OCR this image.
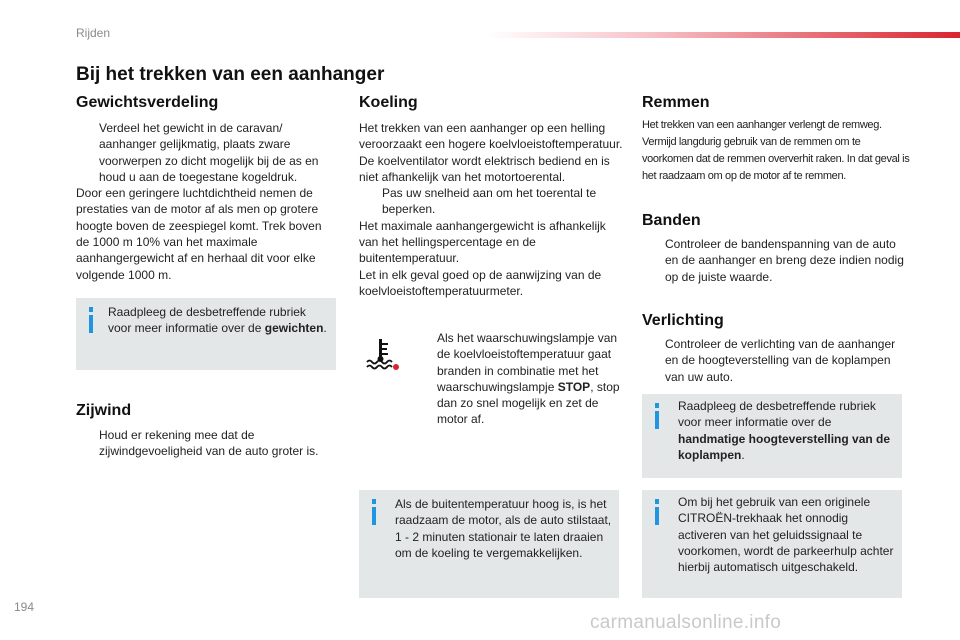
Rijden
Bij het trekken van een aanhanger
Gewichtsverdeling
Verdeel het gewicht in de caravan/ aanhanger gelijkmatig, plaats zware voorwerpen zo dicht mogelijk bij de as en houd u aan de toegestane kogeldruk.

Door een geringere luchtdichtheid nemen de prestaties van de motor af als men op grotere hoogte boven de zeespiegel komt. Trek boven de 1000 m 10% van het maximale aanhangergewicht af en herhaal dit voor elke volgende 1000 m.

Raadpleeg de desbetreffende rubriek voor meer informatie over de gewichten.
Zijwind
Houd er rekening mee dat de zijwindgevoeligheid van de auto groter is.
Koeling

Het trekken van een aanhanger op een helling veroorzaakt een hogere koelvloeistoftemperatuur.

De koelventilator wordt elektrisch bediend en is niet afhankelijk van het motortoerental.

Pas uw snelheid aan om het toerental te beperken.

Het maximale aanhangergewicht is afhankelijk van het hellingspercentage en de buitentemperatuur.

Let in elk geval goed op de aanwijzing van de koelvloeistoftemperatuurmeter.

Als het waarschuwingslampje van de koelvloeistoftemperatuur gaat branden in combinatie met het waarschuwingslampje STOP, stop dan zo snel mogelijk en zet de motor af.
Als de buitentemperatuur hoog is, is het raadzaam de motor, als de auto stilstaat, 1 - 2 minuten stationair te laten draaien om de koeling te vergemakkelijken.
Remmen
Het trekken van een aanhanger verlengt de remweg. Vermijd langdurig gebruik van de remmen om te voorkomen dat de remmen oververhit raken. In dat geval is het raadzaam om op de motor af te remmen.
Banden
Controleer de bandenspanning van de auto en de aanhanger en breng deze indien nodig op de juiste waarde.
Verlichting
Controleer de verlichting van de aanhanger en de hoogteverstelling van de koplampen van uw auto.
Raadpleeg de desbetreffende rubriek voor meer informatie over de handmatige hoogteverstelling van de koplampen.
Om bij het gebruik van een originele CITROËN-trekhaak het onnodig activeren van het geluidssignaal te voorkomen, wordt de parkeerhulp achter hierbij automatisch uitgeschakeld.
194
carmanualsonline.info
